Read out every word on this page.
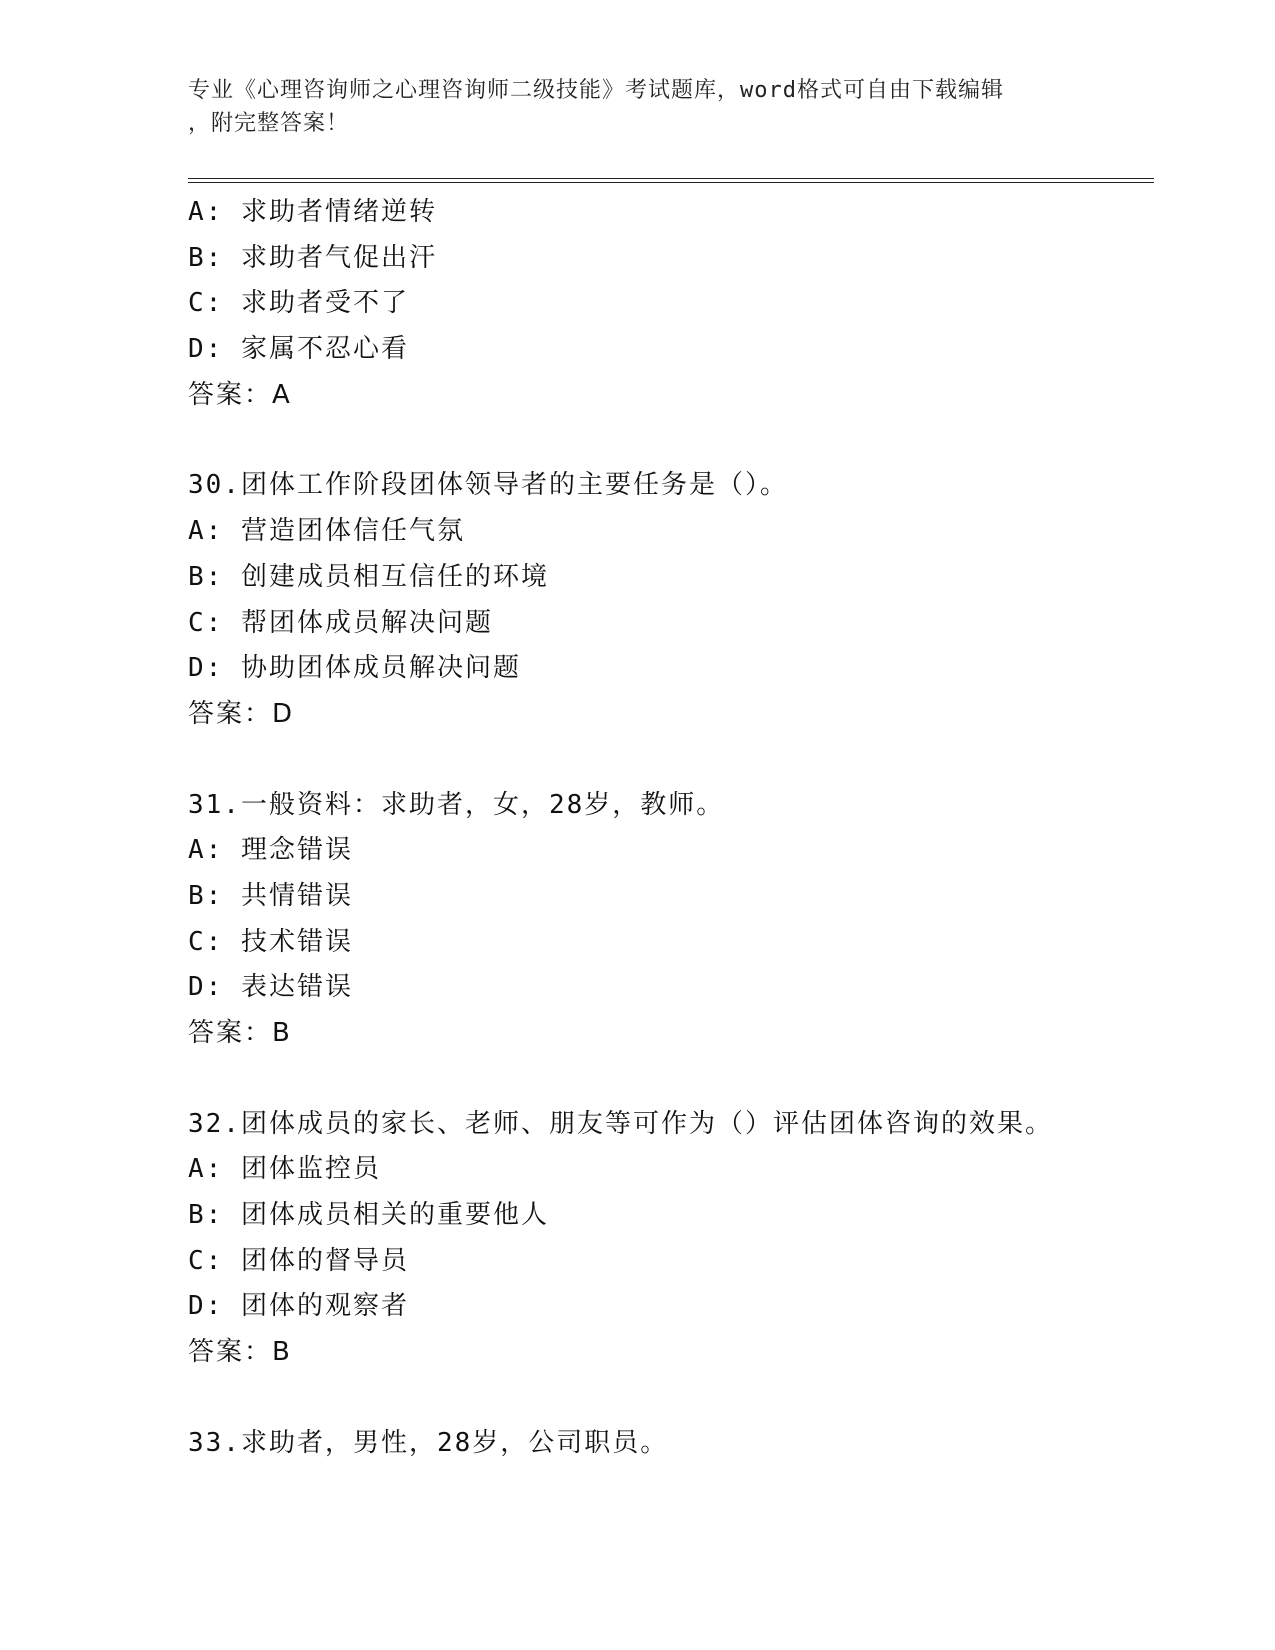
专业《心理咨询师之心理咨询师二级技能》考试题库，word格式可自由下载编辑
，附完整答案！
A: 求助者情绪逆转
B: 求助者气促出汗
C: 求助者受不了
D: 家属不忍心看
答案：A
30.团体工作阶段团体领导者的主要任务是（）。
A: 营造团体信任气氛
B: 创建成员相互信任的环境
C: 帮团体成员解决问题
D: 协助团体成员解决问题
答案：D
31.一般资料：求助者，女，28岁，教师。
A: 理念错误
B: 共情错误
C: 技术错误
D: 表达错误
答案：B
32.团体成员的家长、老师、朋友等可作为（）评估团体咨询的效果。
A: 团体监控员
B: 团体成员相关的重要他人
C: 团体的督导员
D: 团体的观察者
答案：B
33.求助者，男性，28岁，公司职员。
